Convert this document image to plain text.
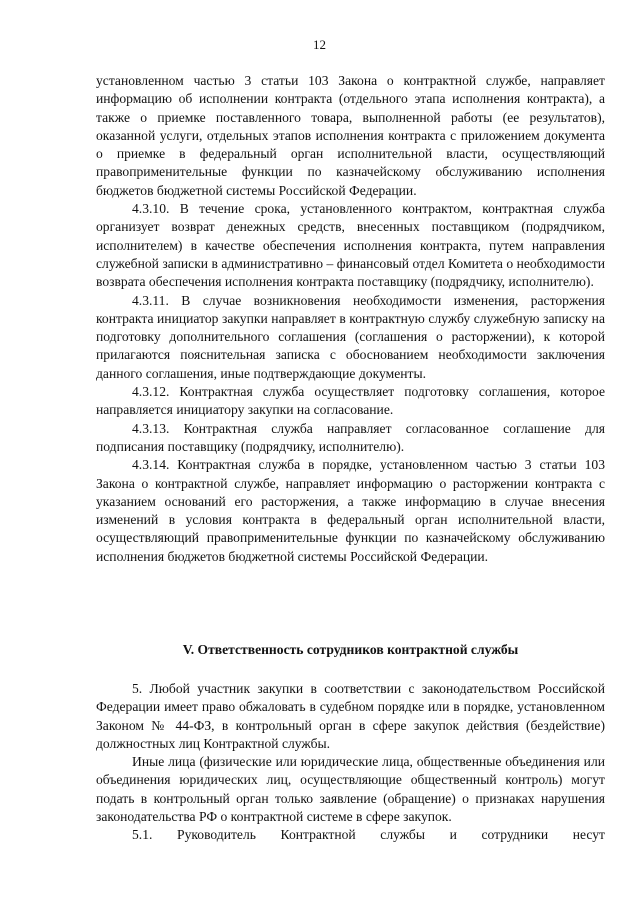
12

установленном частью 3 статьи 103 Закона о контрактной службе, направляет информацию об исполнении контракта (отдельного этапа исполнения контракта), а также о приемке поставленного товара, выполненной работы (ее результатов), оказанной услуги, отдельных этапов исполнения контракта с приложением документа о приемке в федеральный орган исполнительной власти, осуществляющий правоприменительные функции по казначейскому обслуживанию исполнения бюджетов бюджетной системы Российской Федерации.

4.3.10. В течение срока, установленного контрактом, контрактная служба организует возврат денежных средств, внесенных поставщиком (подрядчиком, исполнителем) в качестве обеспечения исполнения контракта, путем направления служебной записки в административно – финансовый отдел Комитета о необходимости возврата обеспечения исполнения контракта поставщику (подрядчику, исполнителю).

4.3.11. В случае возникновения необходимости изменения, расторжения контракта инициатор закупки направляет в контрактную службу служебную записку на подготовку дополнительного соглашения (соглашения о расторжении), к которой прилагаются пояснительная записка с обоснованием необходимости заключения данного соглашения, иные подтверждающие документы.

4.3.12. Контрактная служба осуществляет подготовку соглашения, которое направляется инициатору закупки на согласование.

4.3.13. Контрактная служба направляет согласованное соглашение для подписания поставщику (подрядчику, исполнителю).

4.3.14. Контрактная служба в порядке, установленном частью 3 статьи 103 Закона о контрактной службе, направляет информацию о расторжении контракта с указанием оснований его расторжения, а также информацию в случае внесения изменений в условия контракта в федеральный орган исполнительной власти, осуществляющий правоприменительные функции по казначейскому обслуживанию исполнения бюджетов бюджетной системы Российской Федерации.

V. Ответственность сотрудников контрактной службы

5. Любой участник закупки в соответствии с законодательством Российской Федерации имеет право обжаловать в судебном порядке или в порядке, установленном Законом № 44-ФЗ, в контрольный орган в сфере закупок действия (бездействие) должностных лиц Контрактной службы.

Иные лица (физические или юридические лица, общественные объединения или объединения юридических лиц, осуществляющие общественный контроль) могут подать в контрольный орган только заявление (обращение) о признаках нарушения законодательства РФ о контрактной системе в сфере закупок.

5.1. Руководитель Контрактной службы и сотрудники несут
